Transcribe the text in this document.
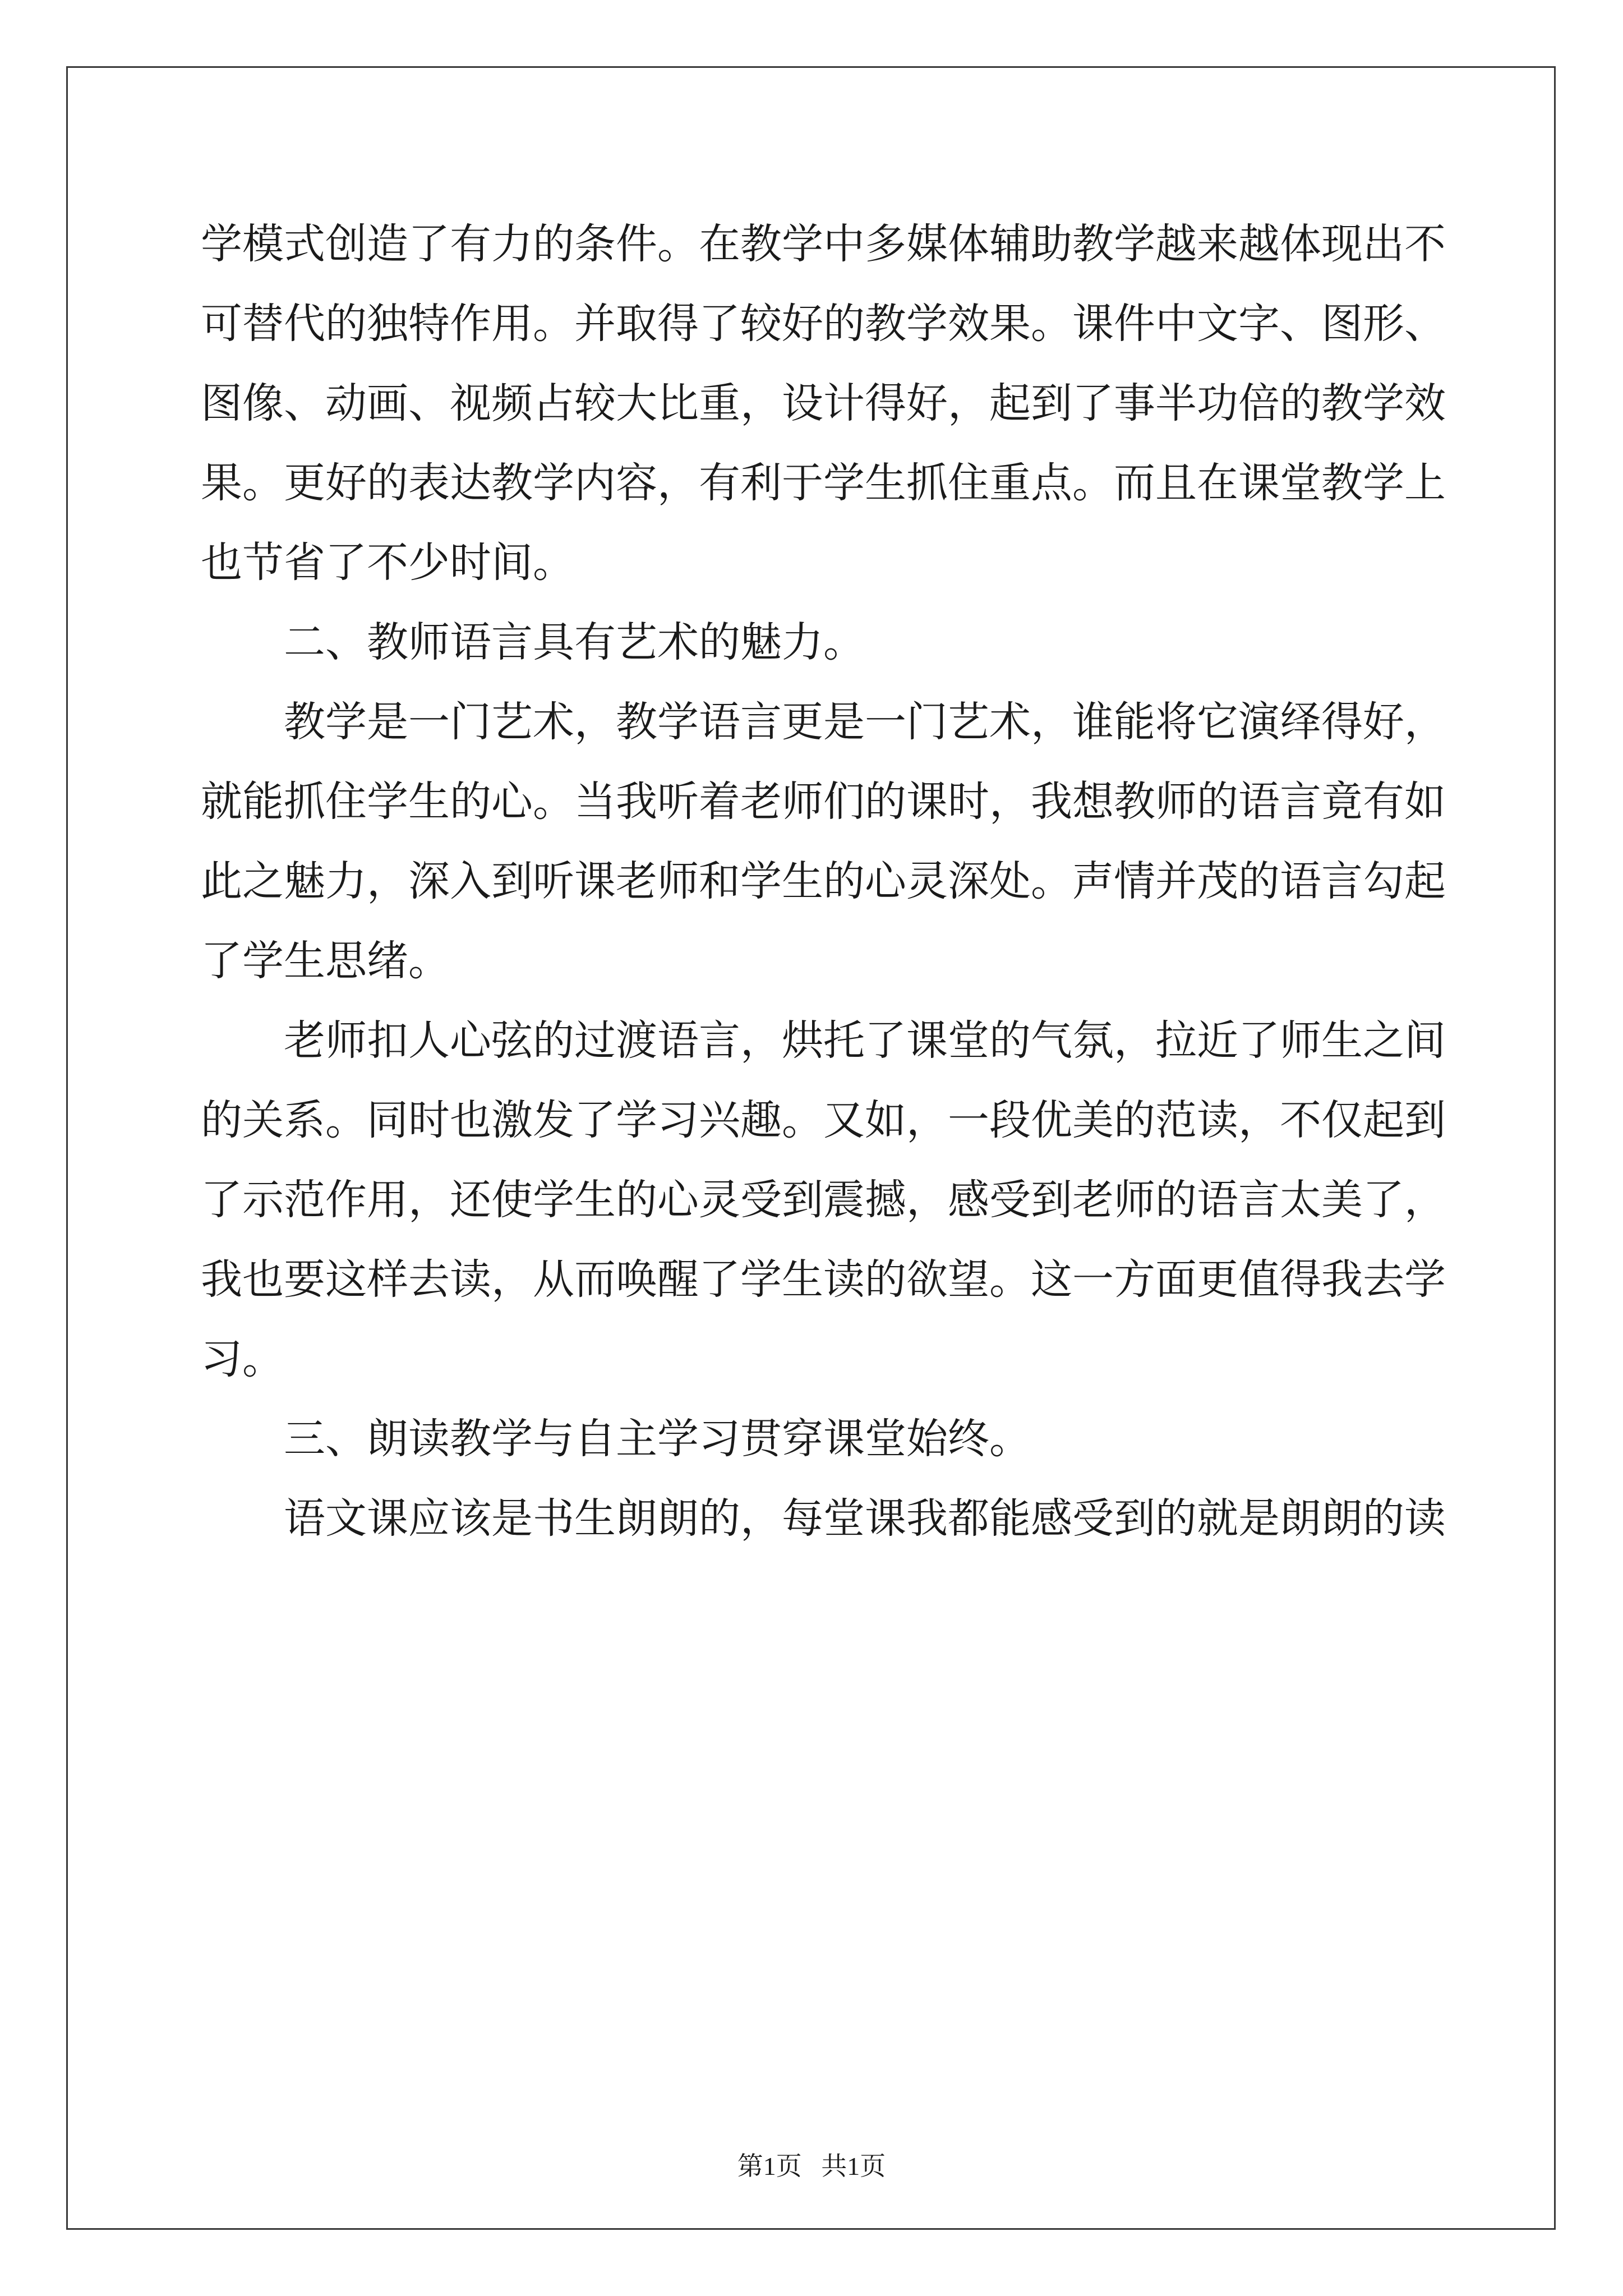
学模式创造了有力的条件。在教学中多媒体辅助教学越来越体现出不
可替代的独特作用。并取得了较好的教学效果。课件中文字、图形、
图像、动画、视频占较大比重，设计得好，起到了事半功倍的教学效
果。更好的表达教学内容，有利于学生抓住重点。而且在课堂教学上
也节省了不少时间。
二、教师语言具有艺术的魅力。
教学是一门艺术，教学语言更是一门艺术，谁能将它演绎得好，
就能抓住学生的心。当我听着老师们的课时，我想教师的语言竟有如
此之魅力，深入到听课老师和学生的心灵深处。声情并茂的语言勾起
了学生思绪。
老师扣人心弦的过渡语言，烘托了课堂的气氛，拉近了师生之间
的关系。同时也激发了学习兴趣。又如，一段优美的范读，不仅起到
了示范作用，还使学生的心灵受到震撼，感受到老师的语言太美了，
我也要这样去读，从而唤醒了学生读的欲望。这一方面更值得我去学
习。
三、朗读教学与自主学习贯穿课堂始终。
语文课应该是书生朗朗的，每堂课我都能感受到的就是朗朗的读
第1页 共1页
